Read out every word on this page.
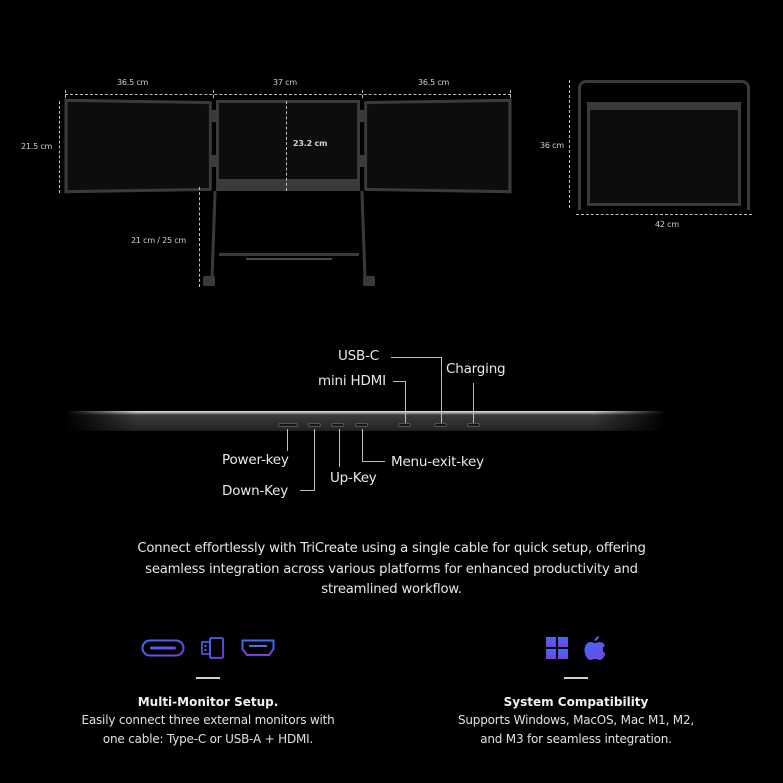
36.5 cm	37 cm	36.5 cm
21.5 cm	23.2 cm
21 cm / 25 cm
36 cm
42 cm
USB-C
Charging
mini HDMI
Power-key
Down-Key
Up-Key
Menu-exit-key
Connect effortlessly with TriCreate using a single cable for quick setup, offering
seamless integration across various platforms for enhanced productivity and
streamlined workflow.
Multi-Monitor Setup.
Easily connect three external monitors with
one cable: Type-C or USB-A + HDMI.
System Compatibility
Supports Windows, MacOS, Mac M1, M2,
and M3 for seamless integration.
